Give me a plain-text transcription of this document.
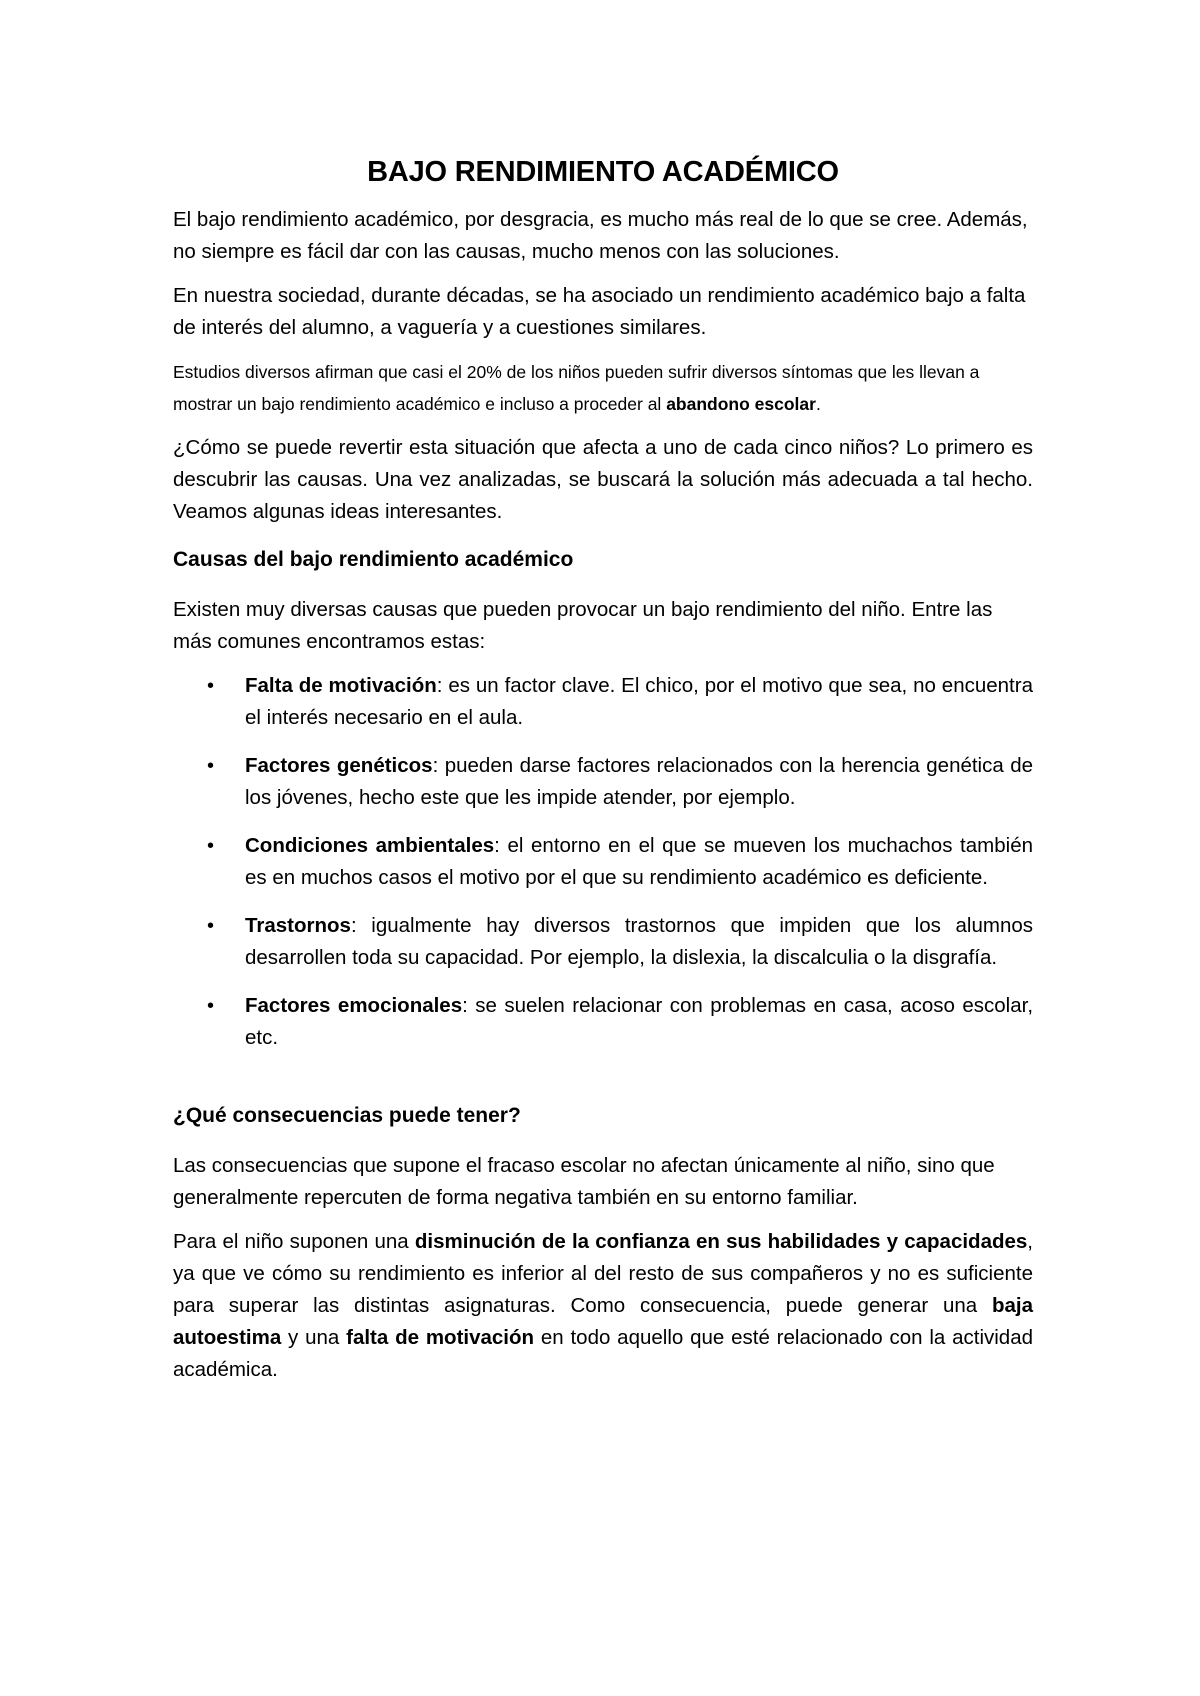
BAJO RENDIMIENTO ACADÉMICO

El bajo rendimiento académico, por desgracia, es mucho más real de lo que se cree. Además, no siempre es fácil dar con las causas, mucho menos con las soluciones.

En nuestra sociedad, durante décadas, se ha asociado un rendimiento académico bajo a falta de interés del alumno, a vaguería y a cuestiones similares.

Estudios diversos afirman que casi el 20% de los niños pueden sufrir diversos síntomas que les llevan a mostrar un bajo rendimiento académico e incluso a proceder al abandono escolar.

¿Cómo se puede revertir esta situación que afecta a uno de cada cinco niños? Lo primero es descubrir las causas. Una vez analizadas, se buscará la solución más adecuada a tal hecho. Veamos algunas ideas interesantes.

Causas del bajo rendimiento académico

Existen muy diversas causas que pueden provocar un bajo rendimiento del niño. Entre las más comunes encontramos estas:

• Falta de motivación: es un factor clave. El chico, por el motivo que sea, no encuentra el interés necesario en el aula.
• Factores genéticos: pueden darse factores relacionados con la herencia genética de los jóvenes, hecho este que les impide atender, por ejemplo.
• Condiciones ambientales: el entorno en el que se mueven los muchachos también es en muchos casos el motivo por el que su rendimiento académico es deficiente.
• Trastornos: igualmente hay diversos trastornos que impiden que los alumnos desarrollen toda su capacidad. Por ejemplo, la dislexia, la discalculia o la disgrafía.
• Factores emocionales: se suelen relacionar con problemas en casa, acoso escolar, etc.
¿Qué consecuencias puede tener?

Las consecuencias que supone el fracaso escolar no afectan únicamente al niño, sino que generalmente repercuten de forma negativa también en su entorno familiar.

Para el niño suponen una disminución de la confianza en sus habilidades y capacidades, ya que ve cómo su rendimiento es inferior al del resto de sus compañeros y no es suficiente para superar las distintas asignaturas. Como consecuencia, puede generar una baja autoestima y una falta de motivación en todo aquello que esté relacionado con la actividad académica.
